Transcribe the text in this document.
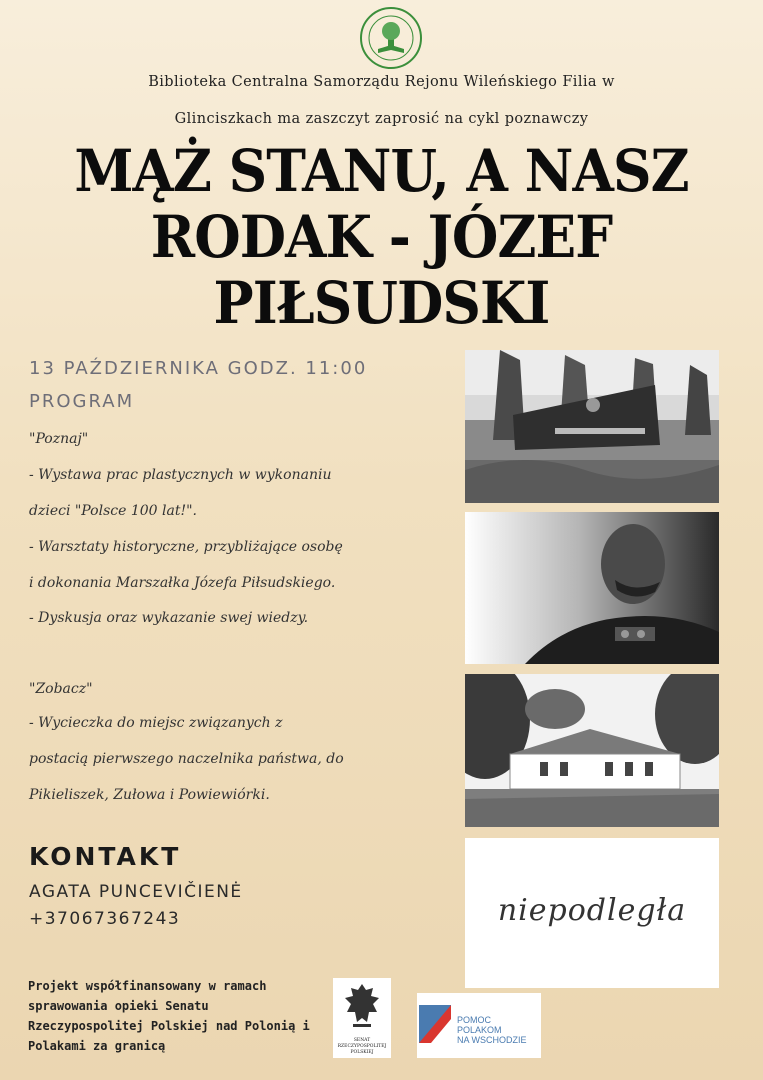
Biblioteka Centralna Samorządu Rejonu Wileńskiego Filia w
Glinciszkach ma zaszczyt zaprosić na cykl poznawczy
MĄŻ STANU, A NASZ
RODAK - JÓZEF
PIŁSUDSKI
13 PAŹDZIERNIKA GODZ. 11:00
PROGRAM
"Poznaj"
- Wystawa prac plastycznych w wykonaniu
dzieci "Polsce 100 lat!".
- Warsztaty historyczne, przybliżające osobę
i dokonania Marszałka Józefa Piłsudskiego.
- Dyskusja oraz wykazanie swej wiedzy.
"Zobacz"
- Wycieczka do miejsc związanych z
postacią pierwszego naczelnika państwa, do
Pikieliszek, Zułowa i Powiewiórki.
KONTAKT
AGATA PUNCEVIČIENĖ
+37067367243
Projekt współfinansowany w ramach
sprawowania opieki Senatu
Rzeczypospolitej Polskiej nad Polonią i
Polakami za granicą
niepodległa
SENAT
RZECZYPOSPOLITEJ
POLSKIEJ
POMOC
POLAKOM
NA WSCHODZIE
